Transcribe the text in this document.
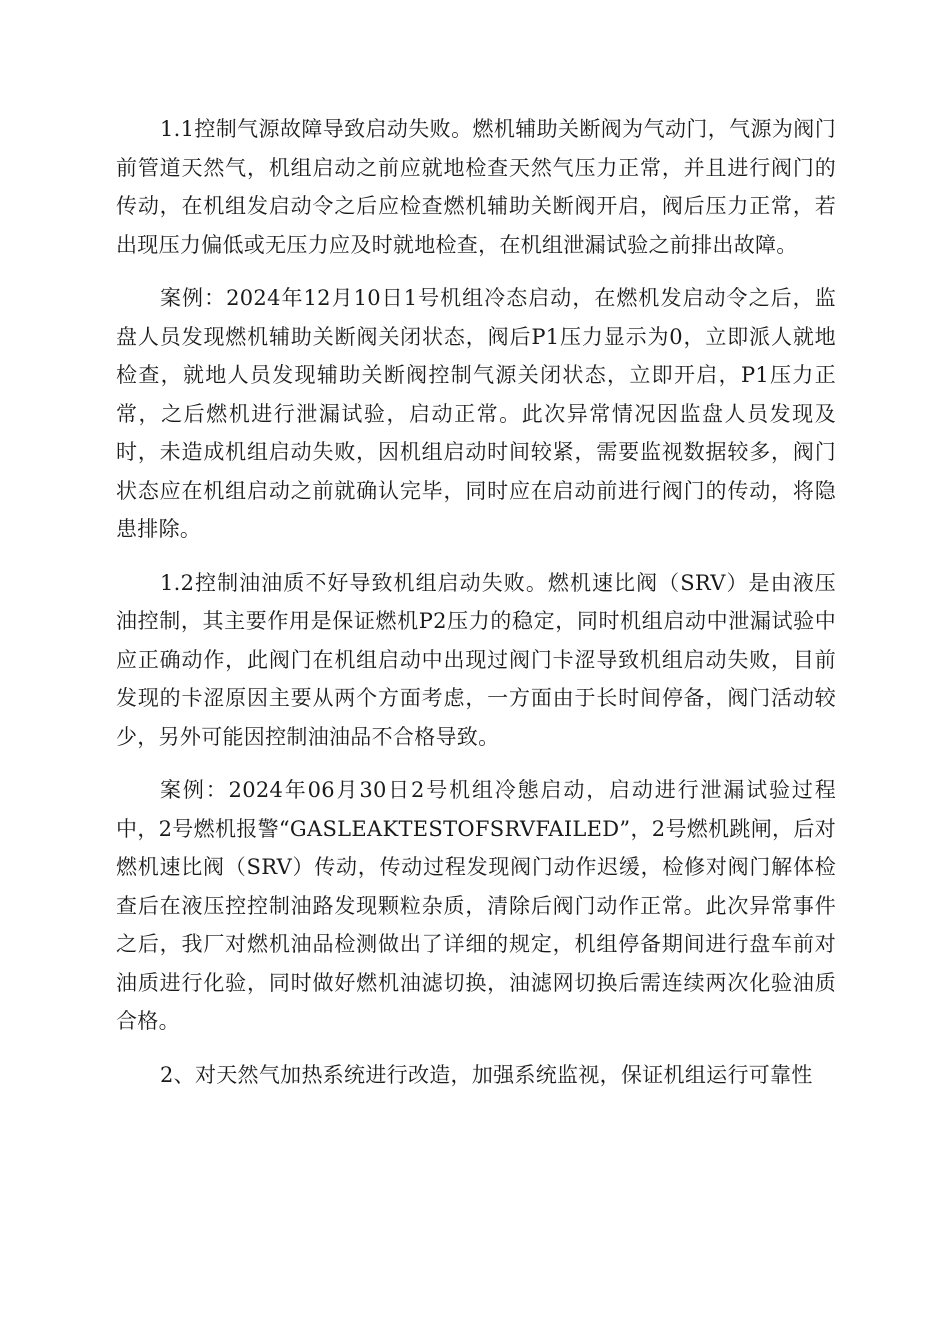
1.1控制气源故障导致启动失败。燃机辅助关断阀为气动门，气源为阀门前管道天然气，机组启动之前应就地检查天然气压力正常，并且进行阀门的传动，在机组发启动令之后应检查燃机辅助关断阀开启，阀后压力正常，若出现压力偏低或无压力应及时就地检查，在机组泄漏试验之前排出故障。

案例：2024年12月10日1号机组冷态启动，在燃机发启动令之后，监盘人员发现燃机辅助关断阀关闭状态，阀后P1压力显示为0，立即派人就地检查，就地人员发现辅助关断阀控制气源关闭状态，立即开启，P1压力正常，之后燃机进行泄漏试验，启动正常。此次异常情况因监盘人员发现及时，未造成机组启动失败，因机组启动时间较紧，需要监视数据较多，阀门状态应在机组启动之前就确认完毕，同时应在启动前进行阀门的传动，将隐患排除。

1.2控制油油质不好导致机组启动失败。燃机速比阀（SRV）是由液压油控制，其主要作用是保证燃机P2压力的稳定，同时机组启动中泄漏试验中应正确动作，此阀门在机组启动中出现过阀门卡涩导致机组启动失败，目前发现的卡涩原因主要从两个方面考虑，一方面由于长时间停备，阀门活动较少，另外可能因控制油油品不合格导致。

案例：2024年06月30日2号机组冷態启动，启动进行泄漏试验过程中，2号燃机报警“GASLEAKTESTOFSRVFAILED”，2号燃机跳闸，后对燃机速比阀（SRV）传动，传动过程发现阀门动作迟缓，检修对阀门解体检查后在液压控控制油路发现颗粒杂质，清除后阀门动作正常。此次异常事件之后，我厂对燃机油品检测做出了详细的规定，机组停备期间进行盘车前对油质进行化验，同时做好燃机油滤切换，油滤网切换后需连续两次化验油质合格。

2、对天然气加热系统进行改造，加强系统监视，保证机组运行可靠性
